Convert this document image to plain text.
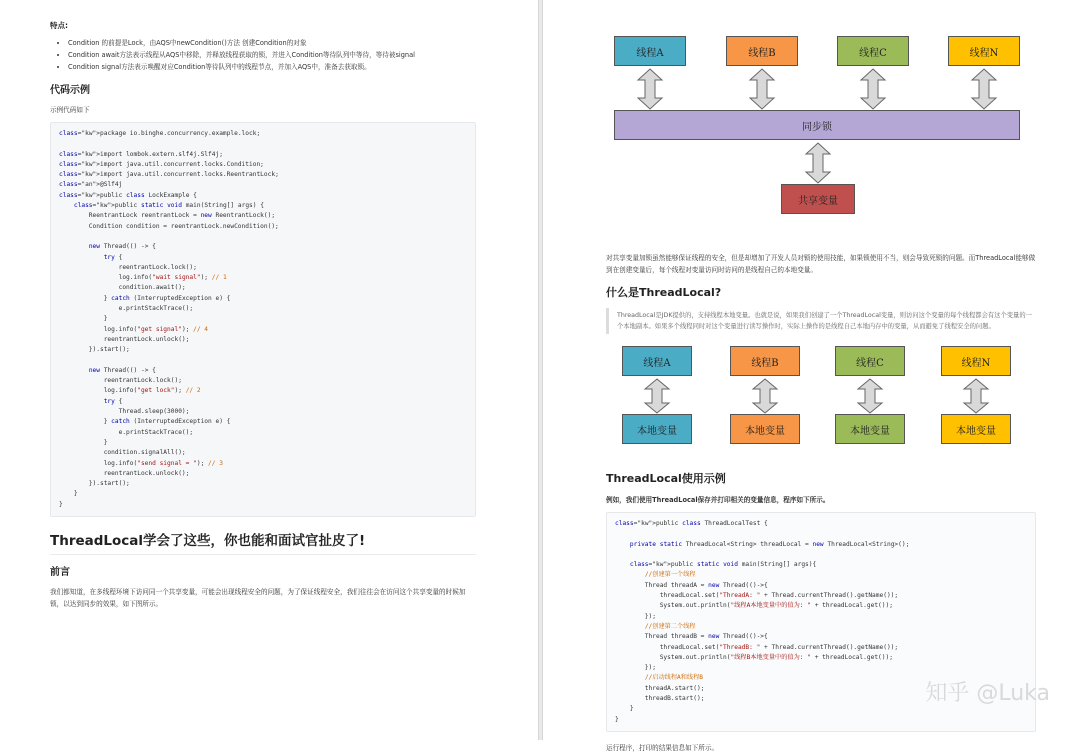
特点:
• Condition 的前提是Lock，由AQS中newCondition()方法 创建Condition的对象
• Condition await方法表示线程从AQS中移除，并释放线程获取的锁，并进入Condition等待队列中等待，等待被signal
• Condition signal方法表示唤醒对应Condition等待队列中的线程节点，并加入AQS中，准备去获取锁。
代码示例
示例代码如下
class="kw">package io.binghe.concurrency.example.lock;

class="kw">import lombok.extern.slf4j.Slf4j;
class="kw">import java.util.concurrent.locks.Condition;
class="kw">import java.util.concurrent.locks.ReentrantLock;
class="an">@Slf4j
class="kw">public class LockExample {
class="kw">public static void main(String[] args) {
ReentrantLock reentrantLock = new ReentrantLock();
Condition condition = reentrantLock.newCondition();

new Thread(() -> {
try {
reentrantLock.lock();
log.info("wait signal"); // 1
condition.await();
} catch (InterruptedException e) {
e.printStackTrace();
}
log.info("get signal"); // 4
reentrantLock.unlock();
}).start();

new Thread(() -> {
reentrantLock.lock();
log.info("get lock"); // 2
try {
Thread.sleep(3000);
} catch (InterruptedException e) {
e.printStackTrace();
}
condition.signalAll();
log.info("send signal = "); // 3
reentrantLock.unlock();
}).start();
}
}
ThreadLocal学会了这些，你也能和面试官扯皮了!
前言
我们都知道，在多线程环境下访问同一个共享变量，可能会出现线程安全的问题，为了保证线程安全，我们往往会在访问这个共享变量的时候加锁，以达到同步的效果，如下图所示。
线程A	线程B	线程C	线程N
同步锁
共享变量
对共享变量加锁虽然能够保证线程的安全，但是却增加了开发人员对锁的使用技能，如果锁使用不当，则会导致死锁的问题。而ThreadLocal能够做到在创建变量后，每个线程对变量访问时访问的是线程自己的本地变量。
什么是ThreadLocal?
ThreadLocal是JDK提供的，支持线程本地变量。也就是说，如果我们创建了一个ThreadLocal变量，则访问这个变量的每个线程都会有这个变量的一个本地副本。如果多个线程同时对这个变量进行读写操作时，实际上操作的是线程自己本地内存中的变量，从而避免了线程安全的问题。
线程A	线程B	线程C	线程N
本地变量	本地变量	本地变量	本地变量
ThreadLocal使用示例
例如，我们使用ThreadLocal保存并打印相关的变量信息，程序如下所示。
class="kw">public class ThreadLocalTest {

private static ThreadLocal<String> threadLocal = new ThreadLocal<String>();

class="kw">public static void main(String[] args){
//创建第一个线程
Thread threadA = new Thread(()->{
threadLocal.set("ThreadA: " + Thread.currentThread().getName());
System.out.println("线程A本地变量中的值为: " + threadLocal.get());
});
//创建第二个线程
Thread threadB = new Thread(()->{
threadLocal.set("ThreadB: " + Thread.currentThread().getName());
System.out.println("线程B本地变量中的值为: " + threadLocal.get());
});
//启动线程A和线程B
threadA.start();
threadB.start();
}
}
运行程序，打印的结果信息如下所示。
知乎 @Luka
